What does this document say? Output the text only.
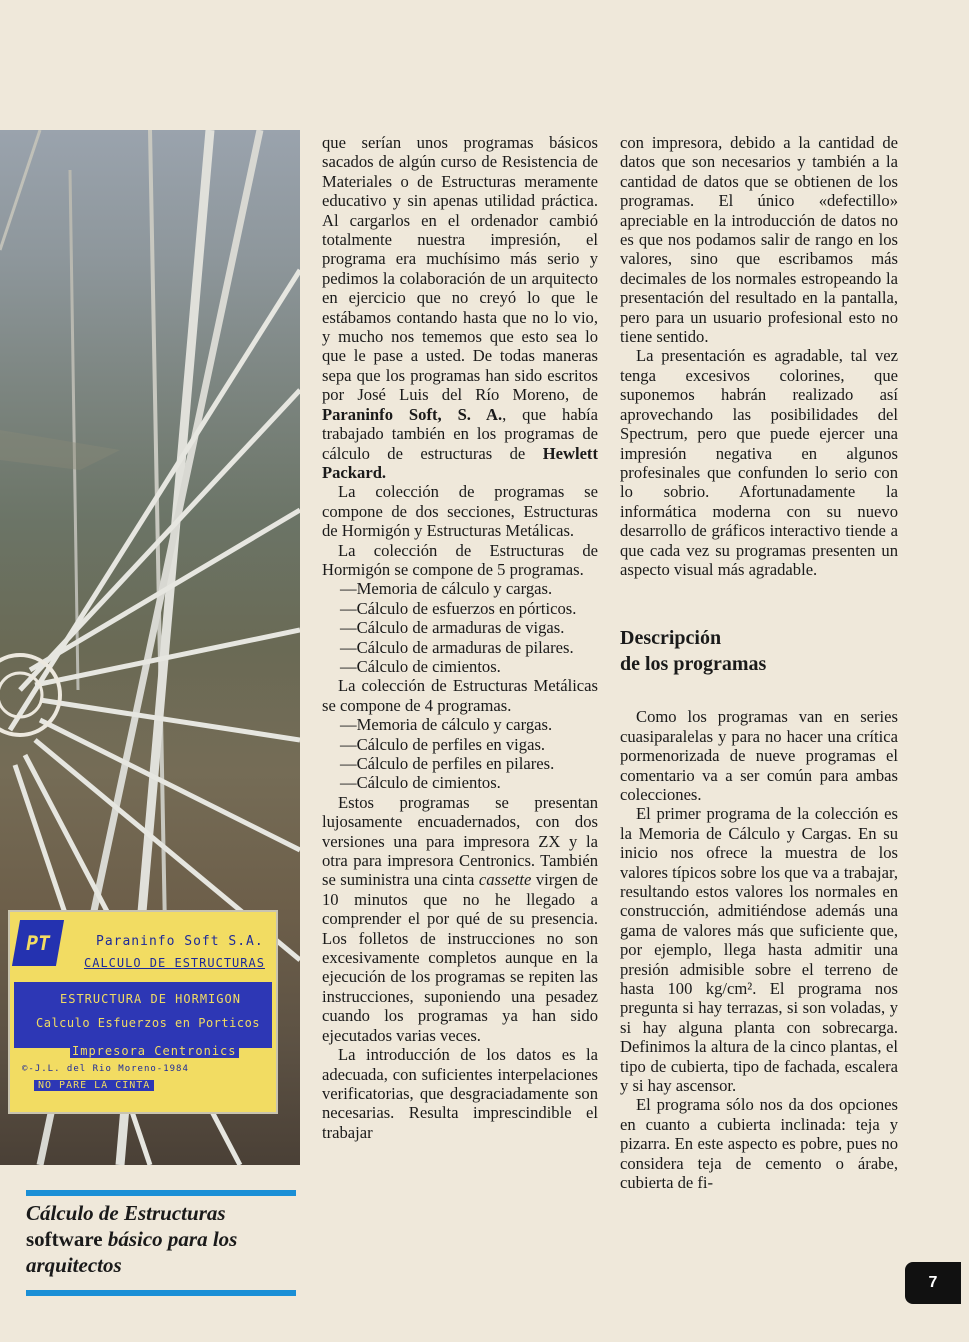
PT	Paraninfo Soft S.A.
CALCULO DE ESTRUCTURAS
ESTRUCTURA DE HORMIGON
Calculo Esfuerzos en Porticos
Impresora Centronics
©-J.L. del Rio Moreno-1984
NO PARE LA CINTA
Cálculo de Estructuras
software básico para los arquitectos

que serían unos programas básicos sacados de algún curso de Resistencia de Materiales o de Estructuras meramente educativo y sin apenas utilidad práctica. Al cargarlos en el ordenador cambió totalmente nuestra impresión, el programa era muchísimo más serio y pedimos la colaboración de un arquitecto en ejercicio que no creyó lo que le estábamos contando hasta que no lo vio, y mucho nos tememos que esto sea lo que le pase a usted. De todas maneras sepa que los programas han sido escritos por José Luis del Río Moreno, de Paraninfo Soft, S. A., que había trabajado también en los programas de cálculo de estructuras de Hewlett Packard.

La colección de programas se compone de dos secciones, Estructuras de Hormigón y Estructuras Metálicas.

La colección de Estructuras de Hormigón se compone de 5 programas.

—Memoria de cálculo y cargas.

—Cálculo de esfuerzos en pórticos.

—Cálculo de armaduras de vigas.

—Cálculo de armaduras de pilares.

—Cálculo de cimientos.

La colección de Estructuras Metálicas se compone de 4 programas.

—Memoria de cálculo y cargas.

—Cálculo de perfiles en vigas.

—Cálculo de perfiles en pilares.

—Cálculo de cimientos.

Estos programas se presentan lujosamente encuadernados, con dos versiones una para impresora ZX y la otra para impresora Centronics. También se suministra una cinta cassette virgen de 10 minutos que no he llegado a comprender el por qué de su presencia. Los folletos de instrucciones no son excesivamente completos aunque en la ejecución de los programas se repiten las instrucciones, suponiendo una pesadez cuando los programas ya han sido ejecutados varias veces.

La introducción de los datos es la adecuada, con suficientes interpelaciones verificatorias, que desgraciadamente son necesarias. Resulta imprescindible el trabajar

con impresora, debido a la cantidad de datos que son necesarios y también a la cantidad de datos que se obtienen de los programas. El único «defectillo» apreciable en la introducción de datos no es que nos podamos salir de rango en los valores, sino que escribamos más decimales de los normales estropeando la presentación del resultado en la pantalla, pero para un usuario profesional esto no tiene sentido.

La presentación es agradable, tal vez tenga excesivos colorines, que suponemos habrán realizado así aprovechando las posibilidades del Spectrum, pero que puede ejercer una impresión negativa en algunos profesinales que confunden lo serio con lo sobrio. Afortunadamente la informática moderna con su nuevo desarrollo de gráficos interactivo tiende a que cada vez su programas presenten un aspecto visual más agradable.

Descripción

de los programas

Como los programas van en series cuasiparalelas y para no hacer una crítica pormenorizada de nueve programas el comentario va a ser común para ambas colecciones.

El primer programa de la colección es la Memoria de Cálculo y Cargas. En su inicio nos ofrece la muestra de los valores típicos sobre los que va a trabajar, resultando estos valores los normales en construcción, admitiéndose además una gama de valores más que suficiente que, por ejemplo, llega hasta admitir una presión admisible sobre el terreno de hasta 100 kg/cm². El programa nos pregunta si hay terrazas, si son voladas, y si hay alguna planta con sobrecarga. Definimos la altura de la cinco plantas, el tipo de cubierta, tipo de fachada, escalera y si hay ascensor.

El programa sólo nos da dos opciones en cuanto a cubierta inclinada: teja y pizarra. En este aspecto es pobre, pues no considera teja de cemento o árabe, cubierta de fi-

7
